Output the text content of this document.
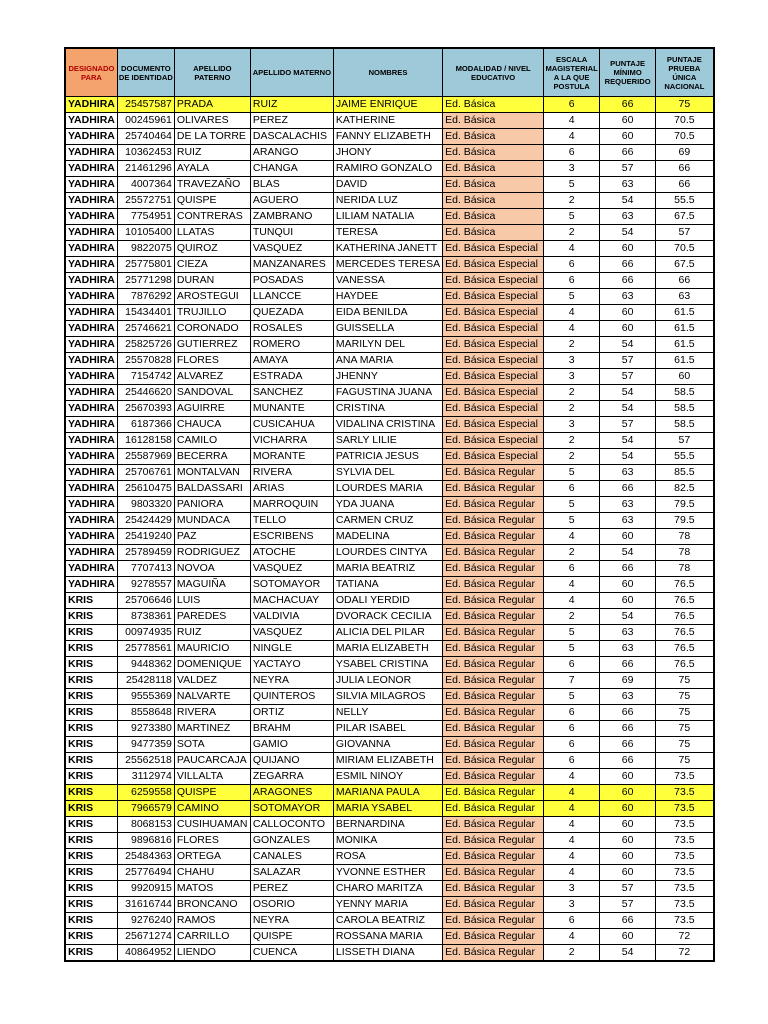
DESIGNADO PARA	DOCUMENTO DE IDENTIDAD	APELLIDO PATERNO	APELLIDO MATERNO	NOMBRES	MODALIDAD / NIVEL EDUCATIVO	ESCALA MAGISTERIAL A LA QUE POSTULA	PUNTAJE MÍNIMO REQUERIDO	PUNTAJE PRUEBA ÚNICA NACIONAL
YADHIRA	25457587	PRADA	RUIZ	JAIME ENRIQUE	Ed. Básica	6	66	75
YADHIRA	00245961	OLIVARES	PEREZ	KATHERINE	Ed. Básica	4	60	70.5
YADHIRA	25740464	DE LA TORRE	DASCALACHIS	FANNY ELIZABETH	Ed. Básica	4	60	70.5
YADHIRA	10362453	RUIZ	ARANGO	JHONY	Ed. Básica	6	66	69
YADHIRA	21461296	AYALA	CHANGA	RAMIRO GONZALO	Ed. Básica	3	57	66
YADHIRA	4007364	TRAVEZAÑO	BLAS	DAVID	Ed. Básica	5	63	66
YADHIRA	25572751	QUISPE	AGUERO	NERIDA LUZ	Ed. Básica	2	54	55.5
YADHIRA	7754951	CONTRERAS	ZAMBRANO	LILIAM NATALIA	Ed. Básica	5	63	67.5
YADHIRA	10105400	LLATAS	TUNQUI	TERESA	Ed. Básica	2	54	57
YADHIRA	9822075	QUIROZ	VASQUEZ	KATHERINA JANETT	Ed. Básica Especial	4	60	70.5
YADHIRA	25775801	CIEZA	MANZANARES	MERCEDES TERESA	Ed. Básica Especial	6	66	67.5
YADHIRA	25771298	DURAN	POSADAS	VANESSA	Ed. Básica Especial	6	66	66
YADHIRA	7876292	AROSTEGUI	LLANCCE	HAYDEE	Ed. Básica Especial	5	63	63
YADHIRA	15434401	TRUJILLO	QUEZADA	EIDA BENILDA	Ed. Básica Especial	4	60	61.5
YADHIRA	25746621	CORONADO	ROSALES	GUISSELLA	Ed. Básica Especial	4	60	61.5
YADHIRA	25825726	GUTIERREZ	ROMERO	MARILYN DEL	Ed. Básica Especial	2	54	61.5
YADHIRA	25570828	FLORES	AMAYA	ANA MARIA	Ed. Básica Especial	3	57	61.5
YADHIRA	7154742	ALVAREZ	ESTRADA	JHENNY	Ed. Básica Especial	3	57	60
YADHIRA	25446620	SANDOVAL	SANCHEZ	FAGUSTINA JUANA	Ed. Básica Especial	2	54	58.5
YADHIRA	25670393	AGUIRRE	MUNANTE	CRISTINA	Ed. Básica Especial	2	54	58.5
YADHIRA	6187366	CHAUCA	CUSICAHUA	VIDALINA CRISTINA	Ed. Básica Especial	3	57	58.5
YADHIRA	16128158	CAMILO	VICHARRA	SARLY LILIE	Ed. Básica Especial	2	54	57
YADHIRA	25587969	BECERRA	MORANTE	PATRICIA JESUS	Ed. Básica Especial	2	54	55.5
YADHIRA	25706761	MONTALVAN	RIVERA	SYLVIA DEL	Ed. Básica Regular	5	63	85.5
YADHIRA	25610475	BALDASSARI	ARIAS	LOURDES MARIA	Ed. Básica Regular	6	66	82.5
YADHIRA	9803320	PANIORA	MARROQUIN	YDA JUANA	Ed. Básica Regular	5	63	79.5
YADHIRA	25424429	MUNDACA	TELLO	CARMEN CRUZ	Ed. Básica Regular	5	63	79.5
YADHIRA	25419240	PAZ	ESCRIBENS	MADELINA	Ed. Básica Regular	4	60	78
YADHIRA	25789459	RODRIGUEZ	ATOCHE	LOURDES CINTYA	Ed. Básica Regular	2	54	78
YADHIRA	7707413	NOVOA	VASQUEZ	MARIA BEATRIZ	Ed. Básica Regular	6	66	78
YADHIRA	9278557	MAGUIÑA	SOTOMAYOR	TATIANA	Ed. Básica Regular	4	60	76.5
KRIS	25706646	LUIS	MACHACUAY	ODALI YERDID	Ed. Básica Regular	4	60	76.5
KRIS	8738361	PAREDES	VALDIVIA	DVORACK CECILIA	Ed. Básica Regular	2	54	76.5
KRIS	00974935	RUIZ	VASQUEZ	ALICIA DEL PILAR	Ed. Básica Regular	5	63	76.5
KRIS	25778561	MAURICIO	NINGLE	MARIA ELIZABETH	Ed. Básica Regular	5	63	76.5
KRIS	9448362	DOMENIQUE	YACTAYO	YSABEL CRISTINA	Ed. Básica Regular	6	66	76.5
KRIS	25428118	VALDEZ	NEYRA	JULIA LEONOR	Ed. Básica Regular	7	69	75
KRIS	9555369	NALVARTE	QUINTEROS	SILVIA MILAGROS	Ed. Básica Regular	5	63	75
KRIS	8558648	RIVERA	ORTIZ	NELLY	Ed. Básica Regular	6	66	75
KRIS	9273380	MARTINEZ	BRAHM	PILAR ISABEL	Ed. Básica Regular	6	66	75
KRIS	9477359	SOTA	GAMIO	GIOVANNA	Ed. Básica Regular	6	66	75
KRIS	25562518	PAUCARCAJA	QUIJANO	MIRIAM ELIZABETH	Ed. Básica Regular	6	66	75
KRIS	3112974	VILLALTA	ZEGARRA	ESMIL NINOY	Ed. Básica Regular	4	60	73.5
KRIS	6259558	QUISPE	ARAGONES	MARIANA PAULA	Ed. Básica Regular	4	60	73.5
KRIS	7966579	CAMINO	SOTOMAYOR	MARIA YSABEL	Ed. Básica Regular	4	60	73.5
KRIS	8068153	CUSIHUAMAN	CALLOCONTO	BERNARDINA	Ed. Básica Regular	4	60	73.5
KRIS	9896816	FLORES	GONZALES	MONIKA	Ed. Básica Regular	4	60	73.5
KRIS	25484363	ORTEGA	CANALES	ROSA	Ed. Básica Regular	4	60	73.5
KRIS	25776494	CHAHU	SALAZAR	YVONNE ESTHER	Ed. Básica Regular	4	60	73.5
KRIS	9920915	MATOS	PEREZ	CHARO MARITZA	Ed. Básica Regular	3	57	73.5
KRIS	31616744	BRONCANO	OSORIO	YENNY MARIA	Ed. Básica Regular	3	57	73.5
KRIS	9276240	RAMOS	NEYRA	CAROLA BEATRIZ	Ed. Básica Regular	6	66	73.5
KRIS	25671274	CARRILLO	QUISPE	ROSSANA MARIA	Ed. Básica Regular	4	60	72
KRIS	40864952	LIENDO	CUENCA	LISSETH DIANA	Ed. Básica Regular	2	54	72
